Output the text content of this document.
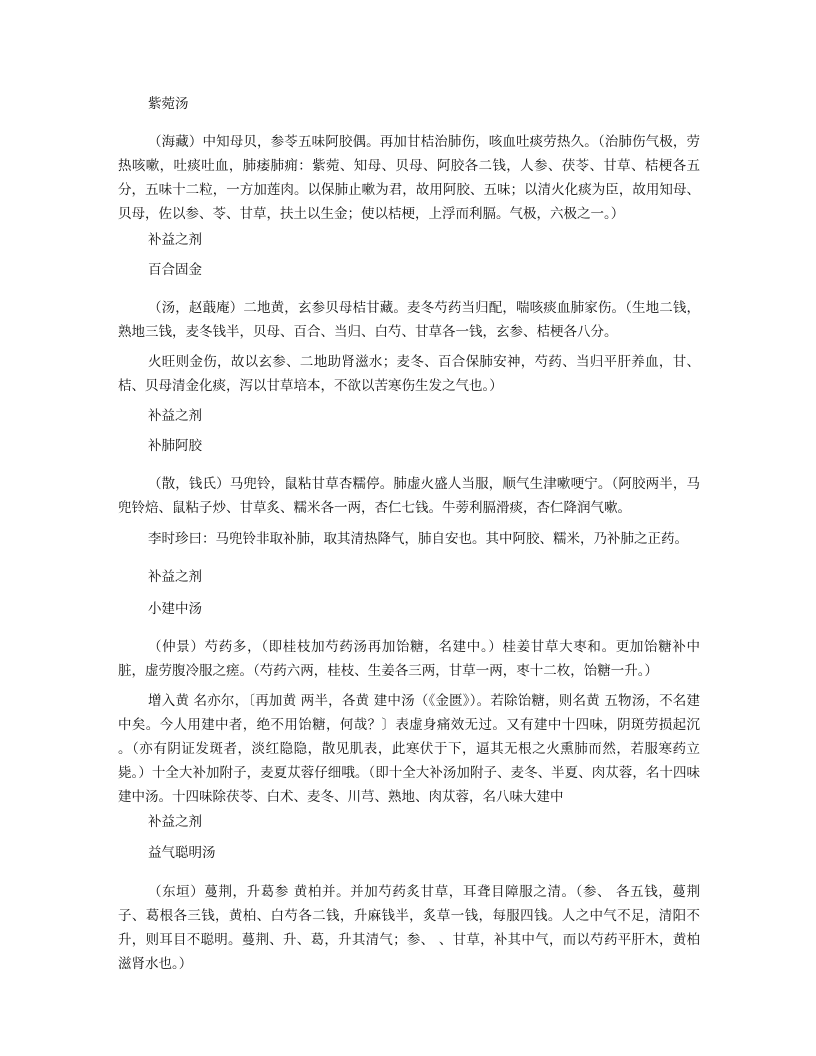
紫菀汤

（海藏）中知母贝，参苓五味阿胶偶。再加甘桔治肺伤，咳血吐痰劳热久。（治肺伤气极，劳热咳嗽，吐痰吐血，肺痿肺痈：紫菀、知母、贝母、阿胶各二钱，人参、茯苓、甘草、桔梗各五分，五味十二粒，一方加莲肉。以保肺止嗽为君，故用阿胶、五味；以清火化痰为臣，故用知母、贝母，佐以参、苓、甘草，扶土以生金；使以桔梗，上浮而利膈。气极，六极之一。）

补益之剂

百合固金

（汤，赵蕺庵）二地黄，玄参贝母桔甘藏。麦冬芍药当归配，喘咳痰血肺家伤。（生地二钱，熟地三钱，麦冬钱半，贝母、百合、当归、白芍、甘草各一钱，玄参、桔梗各八分。

火旺则金伤，故以玄参、二地助肾滋水；麦冬、百合保肺安神，芍药、当归平肝养血，甘、桔、贝母清金化痰，泻以甘草培本，不欲以苦寒伤生发之气也。）

补益之剂

补肺阿胶

（散，钱氏）马兜铃，鼠粘甘草杏糯停。肺虚火盛人当服，顺气生津嗽哽宁。（阿胶两半，马兜铃焙、鼠粘子炒、甘草炙、糯米各一两，杏仁七钱。牛蒡利膈滑痰，杏仁降润气嗽。

李时珍曰：马兜铃非取补肺，取其清热降气，肺自安也。其中阿胶、糯米，乃补肺之正药。

补益之剂

小建中汤

（仲景）芍药多，（即桂枝加芍药汤再加饴糖，名建中。）桂姜甘草大枣和。更加饴糖补中脏，虚劳腹冷服之瘥。（芍药六两，桂枝、生姜各三两，甘草一两，枣十二枚，饴糖一升。）

增入黄 名亦尔，〔再加黄 两半，各黄 建中汤（《金匮》）。若除饴糖，则名黄 五物汤，不名建中矣。今人用建中者，绝不用饴糖，何哉？〕表虚身痛效无过。又有建中十四味，阴斑劳损起沉 。（亦有阴证发斑者，淡红隐隐，散见肌表，此寒伏于下，逼其无根之火熏肺而然，若服寒药立毙。）十全大补加附子，麦夏苁蓉仔细哦。（即十全大补汤加附子、麦冬、半夏、肉苁蓉，名十四味建中汤。十四味除茯苓、白术、麦冬、川芎、熟地、肉苁蓉，名八味大建中

补益之剂

益气聪明汤

（东垣）蔓荆，升葛参 黄柏并。并加芍药炙甘草，耳聋目障服之清。（参、 各五钱，蔓荆子、葛根各三钱，黄柏、白芍各二钱，升麻钱半，炙草一钱，每服四钱。人之中气不足，清阳不升，则耳目不聪明。蔓荆、升、葛，升其清气；参、 、甘草，补其中气，而以芍药平肝木，黄柏滋肾水也。）
